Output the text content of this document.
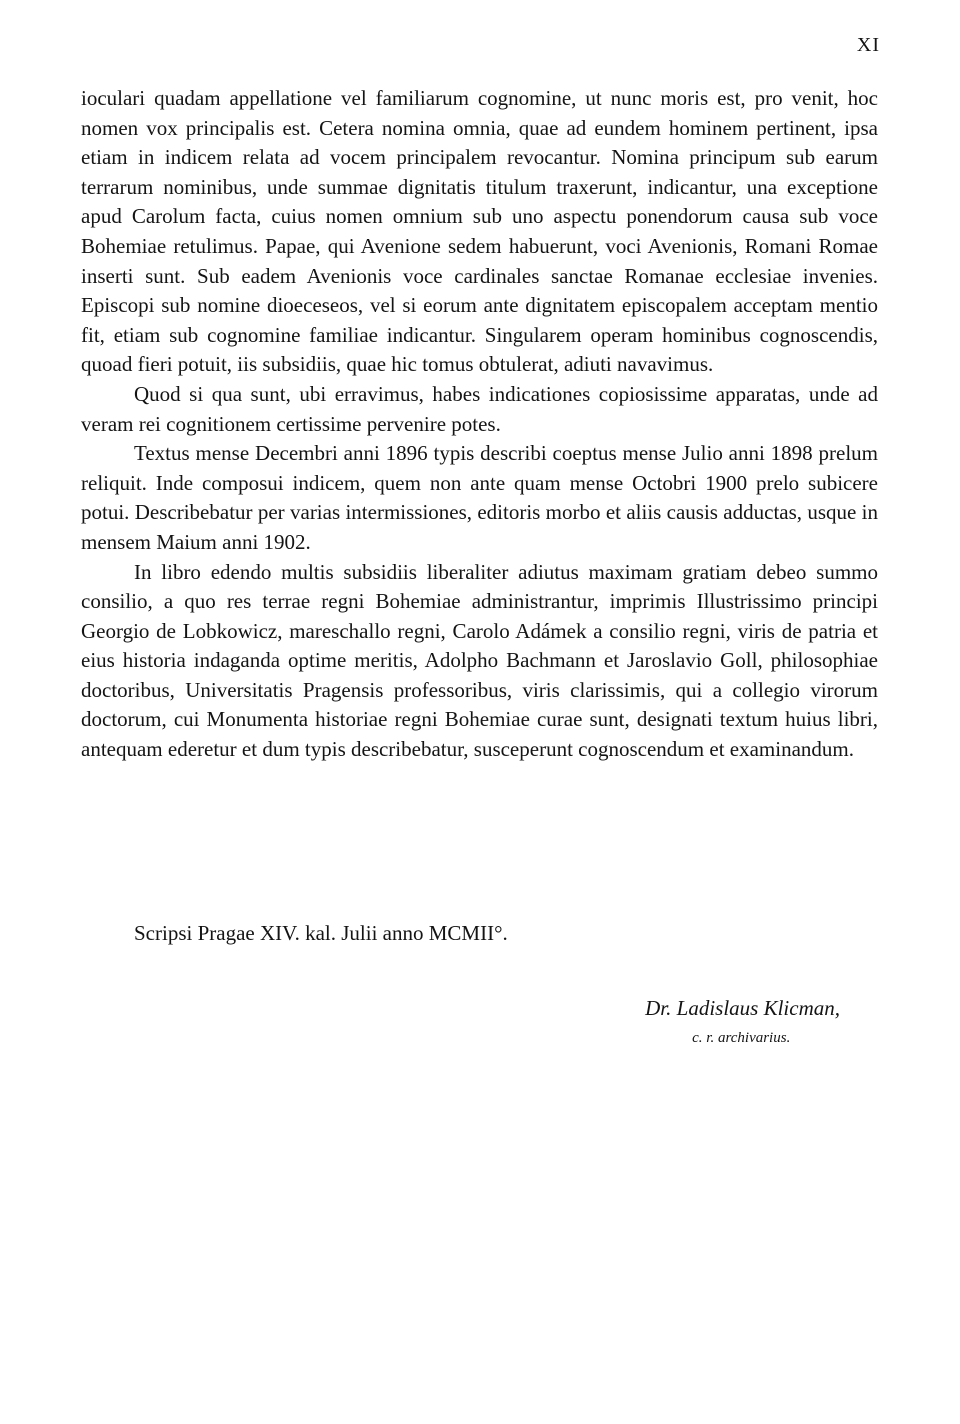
XI

ioculari quadam appellatione vel familiarum cognomine, ut nunc moris est, pro venit, hoc nomen vox principalis est. Cetera nomina omnia, quae ad eundem hominem pertinent, ipsa etiam in indicem relata ad vocem principalem revocantur. Nomina principum sub earum terrarum nominibus, unde summae dignitatis titulum traxerunt, indicantur, una exceptione apud Carolum facta, cuius nomen omnium sub uno aspectu ponendorum causa sub voce Bohemiae retulimus. Papae, qui Avenione sedem habuerunt, voci Avenionis, Romani Romae inserti sunt. Sub eadem Avenionis voce cardinales sanctae Romanae ecclesiae invenies. Episcopi sub nomine dioeceseos, vel si eorum ante dignitatem episcopalem acceptam mentio fit, etiam sub cognomine familiae indicantur. Singularem operam hominibus cognoscendis, quoad fieri potuit, iis subsidiis, quae hic tomus obtulerat, adiuti navavimus.

Quod si qua sunt, ubi erravimus, habes indicationes copiosissime apparatas, unde ad veram rei cognitionem certissime pervenire potes.

Textus mense Decembri anni 1896 typis describi coeptus mense Julio anni 1898 prelum reliquit. Inde composui indicem, quem non ante quam mense Octobri 1900 prelo subicere potui. Describebatur per varias intermissiones, editoris morbo et aliis causis adductas, usque in mensem Maium anni 1902.

In libro edendo multis subsidiis liberaliter adiutus maximam gratiam debeo summo consilio, a quo res terrae regni Bohemiae administrantur, imprimis Illustrissimo principi Georgio de Lobkowicz, mareschallo regni, Carolo Adámek a consilio regni, viris de patria et eius historia indaganda optime meritis, Adolpho Bachmann et Jaroslavio Goll, philosophiae doctoribus, Universitatis Pragensis professoribus, viris clarissimis, qui a collegio virorum doctorum, cui Monumenta historiae regni Bohemiae curae sunt, designati textum huius libri, antequam ederetur et dum typis describebatur, susceperunt cognoscendum et examinandum.

Scripsi Pragae XIV. kal. Julii anno MCMII°.
Dr. Ladislaus Klicman,
c. r. archivarius.
